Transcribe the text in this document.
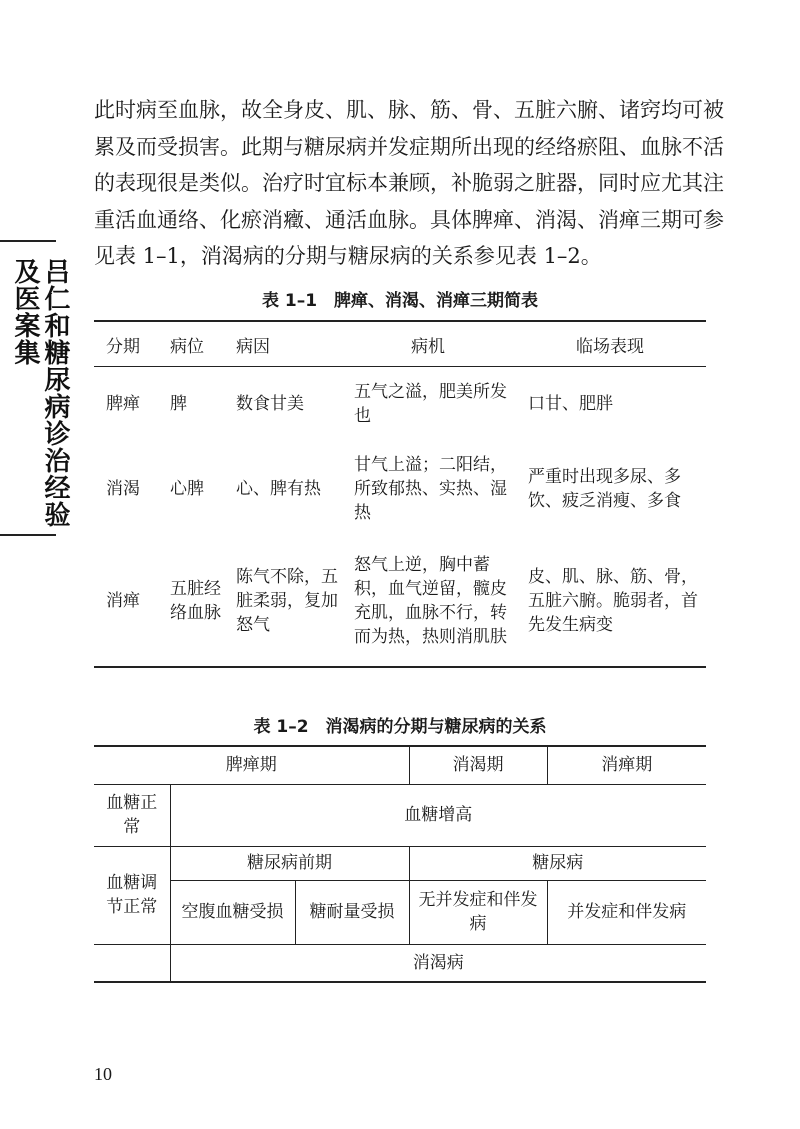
吕仁和糖尿病诊治经验及医案集
此时病至血脉，故全身皮、肌、脉、筋、骨、五脏六腑、诸窍均可被累及而受损害。此期与糖尿病并发症期所出现的经络瘀阻、血脉不活的表现很是类似。治疗时宜标本兼顾，补脆弱之脏器，同时应尤其注重活血通络、化瘀消癥、通活血脉。具体脾瘅、消渴、消瘅三期可参见表 1–1，消渴病的分期与糖尿病的关系参见表 1–2。
表 1–1　脾瘅、消渴、消瘅三期简表
分期	病位	病因	病机	临场表现
脾瘅	脾	数食甘美	五气之溢，肥美所发也	口甘、肥胖
消渴	心脾	心、脾有热	甘气上溢；二阳结，所致郁热、实热、湿热	严重时出现多尿、多饮、疲乏消瘦、多食
消瘅	五脏经络血脉	陈气不除，五脏柔弱，复加怒气	怒气上逆，胸中蓄积，血气逆留，髋皮充肌，血脉不行，转而为热，热则消肌肤	皮、肌、脉、筋、骨，五脏六腑。脆弱者，首先发生病变
表 1–2　消渴病的分期与糖尿病的关系
脾瘅期			消渴期	消瘅期
血糖正常	血糖增高			
血糖调节正常	糖尿病前期		糖尿病	
	空腹血糖受损	糖耐量受损	无并发症和伴发病	并发症和伴发病
	消渴病			
10
